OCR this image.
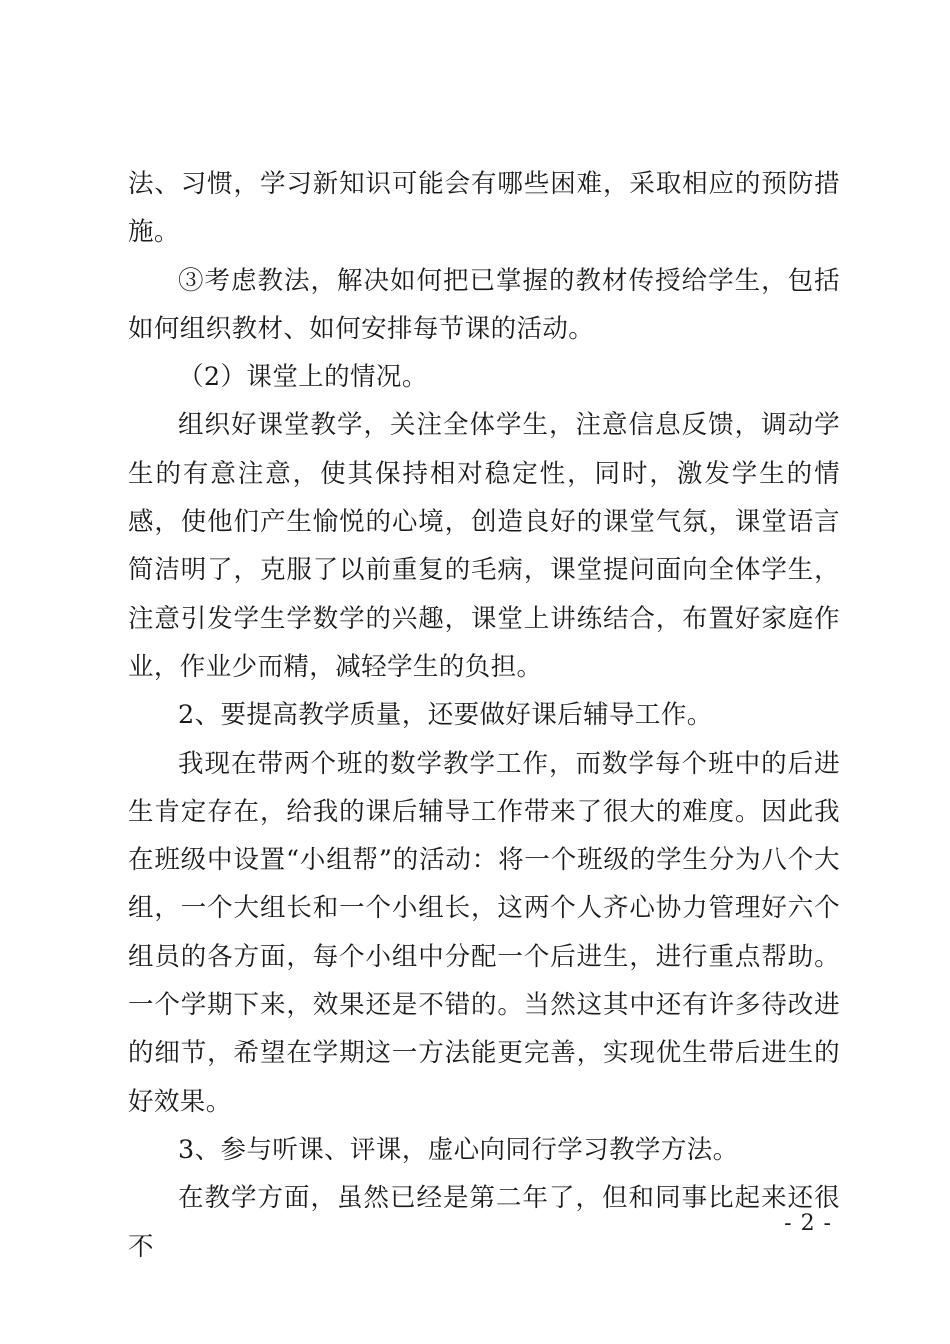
法、习惯，学习新知识可能会有哪些困难，采取相应的预防措施。

③考虑教法，解决如何把已掌握的教材传授给学生，包括如何组织教材、如何安排每节课的活动。

（2）课堂上的情况。

组织好课堂教学，关注全体学生，注意信息反馈，调动学生的有意注意，使其保持相对稳定性，同时，激发学生的情感，使他们产生愉悦的心境，创造良好的课堂气氛，课堂语言简洁明了，克服了以前重复的毛病，课堂提问面向全体学生，注意引发学生学数学的兴趣，课堂上讲练结合，布置好家庭作业，作业少而精，减轻学生的负担。

2、要提高教学质量，还要做好课后辅导工作。

我现在带两个班的数学教学工作，而数学每个班中的后进生肯定存在，给我的课后辅导工作带来了很大的难度。因此我在班级中设置“小组帮”的活动：将一个班级的学生分为八个大组，一个大组长和一个小组长，这两个人齐心协力管理好六个组员的各方面，每个小组中分配一个后进生，进行重点帮助。一个学期下来，效果还是不错的。当然这其中还有许多待改进的细节，希望在学期这一方法能更完善，实现优生带后进生的好效果。

3、参与听课、评课，虚心向同行学习教学方法。

在教学方面，虽然已经是第二年了，但和同事比起来还很不

- 2 -
